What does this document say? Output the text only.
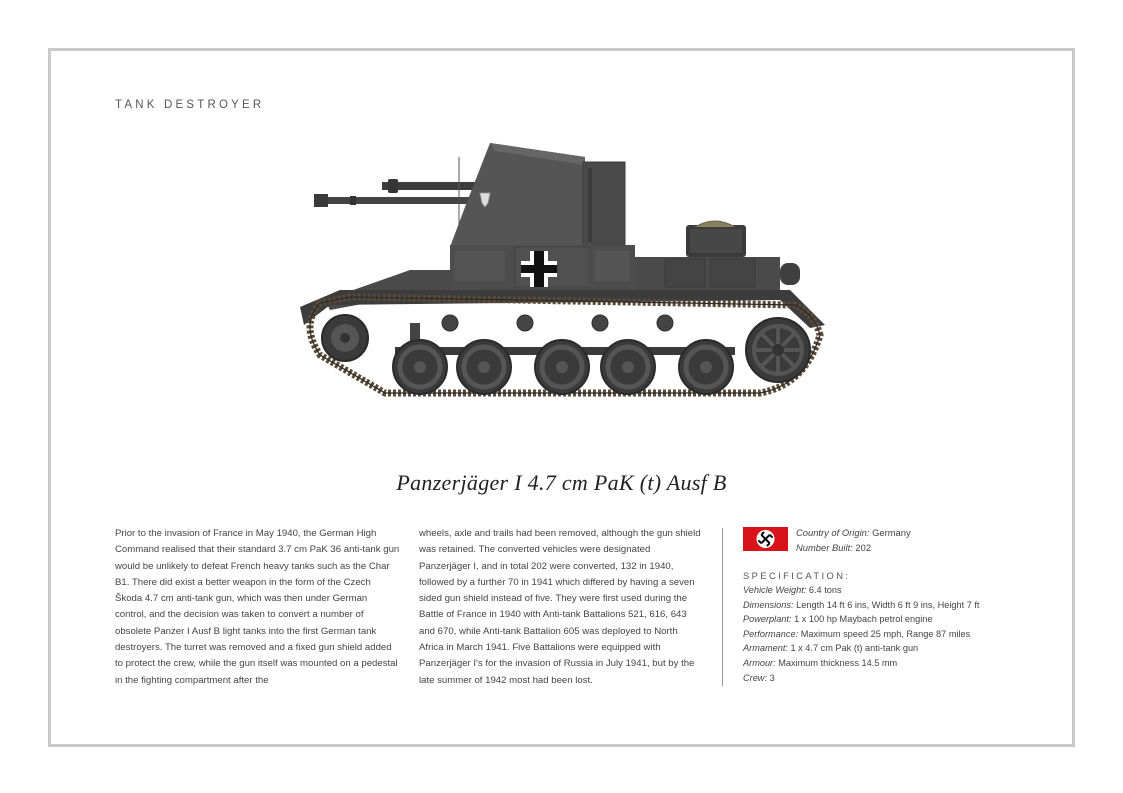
TANK DESTROYER
Panzerjäger I 4.7 cm PaK (t) Ausf B
Prior to the invasion of France in May 1940, the German High Command realised that their standard 3.7 cm PaK 36 anti-tank gun would be unlikely to defeat French heavy tanks such as the Char B1. There did exist a better weapon in the form of the Czech Škoda 4.7 cm anti-tank gun, which was then under German control, and the decision was taken to convert a number of obsolete Panzer I Ausf B light tanks into the first German tank destroyers. The turret was removed and a fixed gun shield added to protect the crew, while the gun itself was mounted on a pedestal in the fighting compartment after the
wheels, axle and trails had been removed, although the gun shield was retained. The converted vehicles were designated Panzerjäger I, and in total 202 were converted, 132 in 1940, followed by a further 70 in 1941 which differed by having a seven sided gun shield instead of five. They were first used during the Battle of France in 1940 with Anti-tank Battalions 521, 616, 643 and 670, while Anti-tank Battalion 605 was deployed to North Africa in March 1941. Five Battalions were equipped with Panzerjäger I's for the invasion of Russia in July 1941, but by the late summer of 1942 most had been lost.
Country of Origin: Germany
Number Built: 202
SPECIFICATION:
Vehicle Weight: 6.4 tons
Dimensions: Length 14 ft 6 ins, Width 6 ft 9 ins, Height 7 ft
Powerplant: 1 x 100 hp Maybach petrol engine
Performance: Maximum speed 25 mph, Range 87 miles
Armament: 1 x 4.7 cm Pak (t) anti-tank gun
Armour: Maximum thickness 14.5 mm
Crew: 3
